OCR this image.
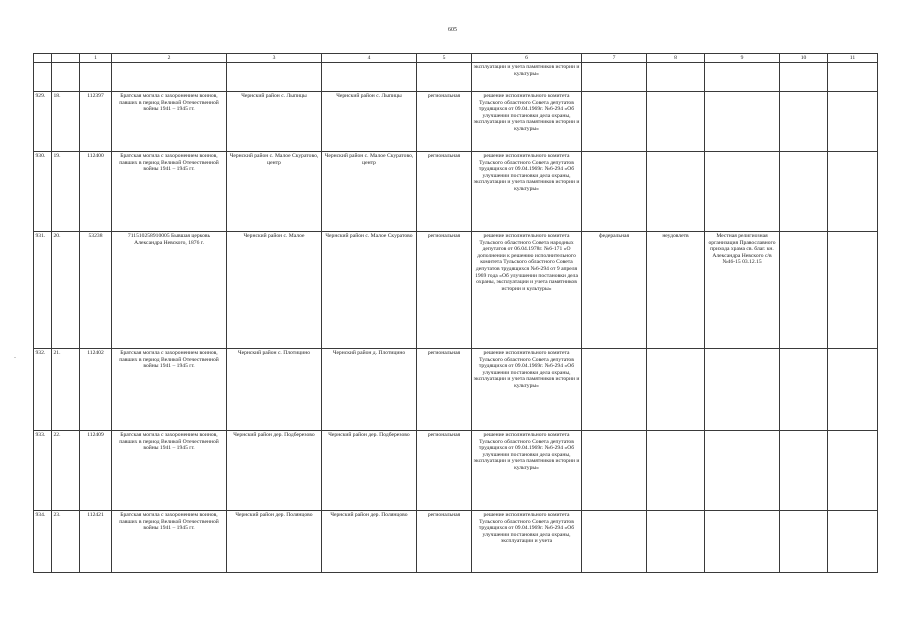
605
-
		1	2	3	4	5	6	7	8	9	10	11
							эксплуатации и учета памятников истории и культуры»					
929.	18.	112397	Братская могила с захоронением воинов, павших в период Великой Отечественной войны 1941 – 1945 гг.	Чернский район с. Лыпицы	Чернский район с. Лыпицы	региональная	решение исполнительного комитета Тульского областного Совета депутатов трудящихся от 09.04.1969г. №6-294 «Об улучшении постановки дела охраны, эксплуатации и учета памятников истории и культуры»					
930.	19.	112400	Братская могила с захоронением воинов, павших в период Великой Отечественной войны 1941 – 1945 гг.	Чернский район с. Малое Скуратово, центр	Чернский район с. Малое Скуратово, центр	региональная	решение исполнительного комитета Тульского областного Совета депутатов трудящихся от 09.04.1969г. №6-294 «Об улучшении постановки дела охраны, эксплуатации и учета памятников истории и культуры»					
931.	20.	53238	711510258910005 Бывшая церковь Александра Невского, 1876 г.	Чернский район с. Малое	Чернский район с. Малое Скуратово	региональная	решение исполнительного комитета Тульского областного Совета народных депутатов от 06.04.1978г. №6-171 «О дополнении к решению исполнительного комитета Тульского областного Совета депутатов трудящихся №6-294 от 9 апреля 1969 года «Об улучшении постановки дела охраны, эксплуатации и учета памятников истории и культуры»	федеральная	неудовлетв	Местная религиозная организация Православного прихода храма св. благ. кн. Александра Невского с/в №46-15 03.12.15		
932.	21.	112402	Братская могила с захоронением воинов, павших в период Великой Отечественной войны 1941 – 1945 гг.	Чернский район с. Плотицино	Чернский район д. Плотицино	региональная	решение исполнительного комитета Тульского областного Совета депутатов трудящихся от 09.04.1969г. №6-294 «Об улучшении постановки дела охраны, эксплуатации и учета памятников истории и культуры»					
933.	22.	112409	Братская могила с захоронением воинов, павших в период Великой Отечественной войны 1941 – 1945 гг.	Чернский район дер. Подберезово	Чернский район дер. Подберезово	региональная	решение исполнительного комитета Тульского областного Совета депутатов трудящихся от 09.04.1969г. №6-294 «Об улучшении постановки дела охраны, эксплуатации и учета памятников истории и культуры»					
934.	23.	112421	Братская могила с захоронением воинов, павших в период Великой Отечественной войны 1941 – 1945 гг.	Чернский район дер. Полянцово	Чернский район дер. Полянцово	региональная	решение исполнительного комитета Тульского областного Совета депутатов трудящихся от 09.04.1969г. №6-294 «Об улучшении постановки дела охраны, эксплуатации и учета					
